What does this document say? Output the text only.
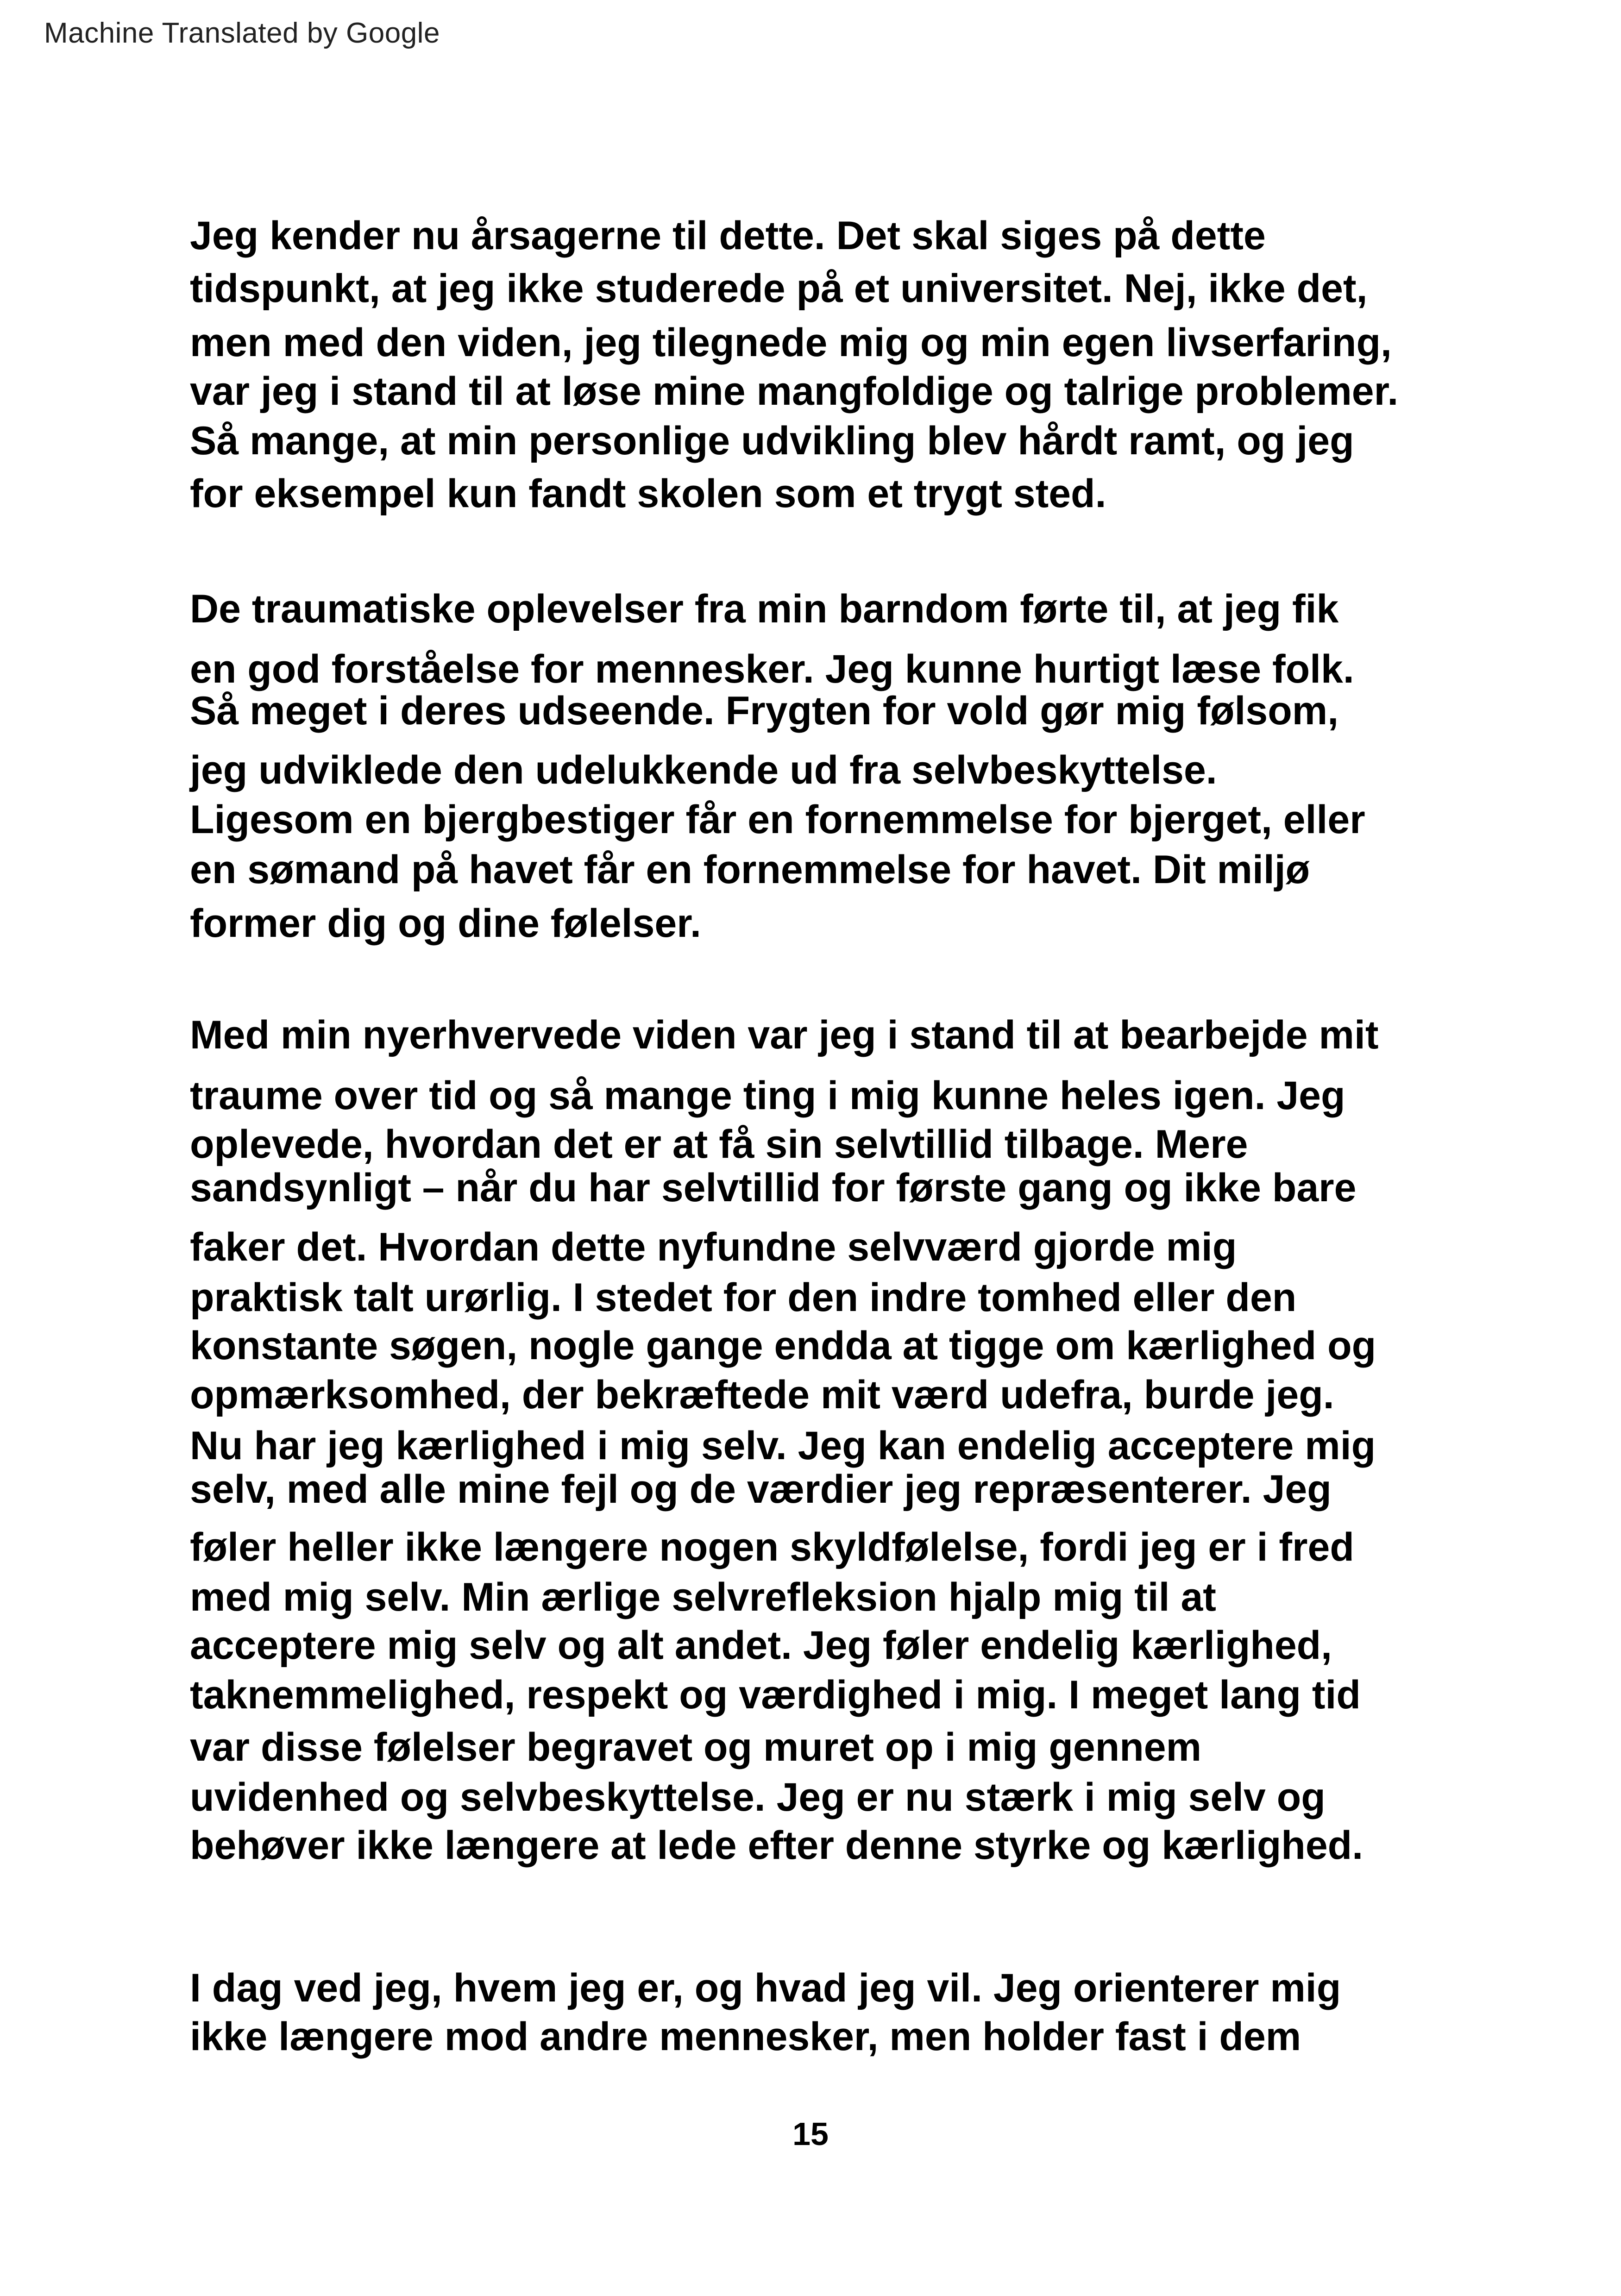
Machine Translated by Google
Jeg kender nu årsagerne til dette. Det skal siges på dette
tidspunkt, at jeg ikke studerede på et universitet. Nej, ikke det,
men med den viden, jeg tilegnede mig og min egen livserfaring,
var jeg i stand til at løse mine mangfoldige og talrige problemer.
Så mange, at min personlige udvikling blev hårdt ramt, og jeg
for eksempel kun fandt skolen som et trygt sted.
De traumatiske oplevelser fra min barndom førte til, at jeg fik
en god forståelse for mennesker. Jeg kunne hurtigt læse folk.
Så meget i deres udseende. Frygten for vold gør mig følsom,
jeg udviklede den udelukkende ud fra selvbeskyttelse.
Ligesom en bjergbestiger får en fornemmelse for bjerget, eller
en sømand på havet får en fornemmelse for havet. Dit miljø
former dig og dine følelser.
Med min nyerhvervede viden var jeg i stand til at bearbejde mit
traume over tid og så mange ting i mig kunne heles igen. Jeg
oplevede, hvordan det er at få sin selvtillid tilbage. Mere
sandsynligt – når du har selvtillid for første gang og ikke bare
faker det. Hvordan dette nyfundne selvværd gjorde mig
praktisk talt urørlig. I stedet for den indre tomhed eller den
konstante søgen, nogle gange endda at tigge om kærlighed og
opmærksomhed, der bekræftede mit værd udefra, burde jeg.
Nu har jeg kærlighed i mig selv. Jeg kan endelig acceptere mig
selv, med alle mine fejl og de værdier jeg repræsenterer. Jeg
føler heller ikke længere nogen skyldfølelse, fordi jeg er i fred
med mig selv. Min ærlige selvrefleksion hjalp mig til at
acceptere mig selv og alt andet. Jeg føler endelig kærlighed,
taknemmelighed, respekt og værdighed i mig. I meget lang tid
var disse følelser begravet og muret op i mig gennem
uvidenhed og selvbeskyttelse. Jeg er nu stærk i mig selv og
behøver ikke længere at lede efter denne styrke og kærlighed.
I dag ved jeg, hvem jeg er, og hvad jeg vil. Jeg orienterer mig
ikke længere mod andre mennesker, men holder fast i dem
15
